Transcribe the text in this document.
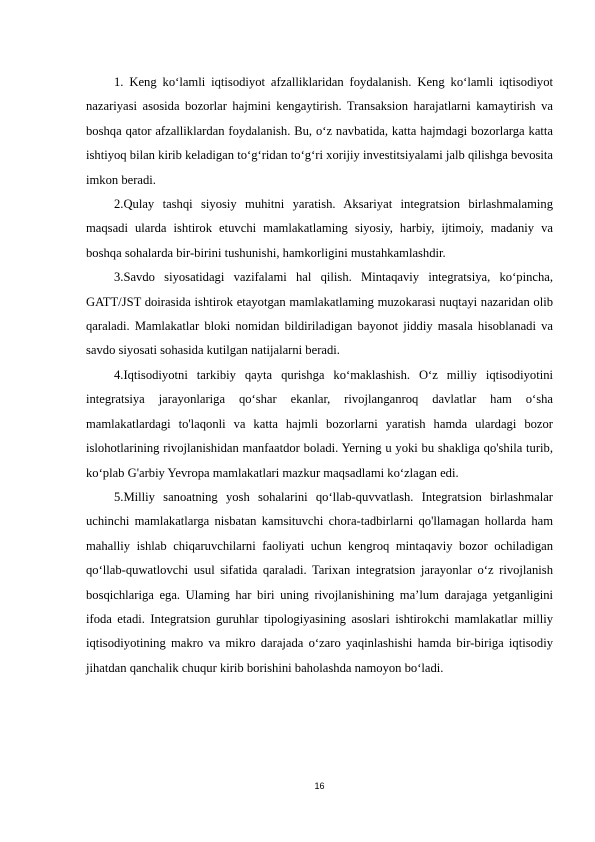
1. Keng ko‘lamli iqtisodiyot afzalliklaridan foydalanish. Keng ko‘lamli iqtisodiyot nazariyasi asosida bozorlar hajmini kengaytirish. Transaksion harajatlarni kamaytirish va boshqa qator afzalliklardan foydalanish. Bu, o‘z navbatida, katta hajmdagi bozorlarga katta ishtiyoq bilan kirib keladigan to‘g‘ridan to‘g‘ri xorijiy investitsiyalami jalb qilishga bevosita imkon beradi.

2.Qulay tashqi siyosiy muhitni yaratish. Aksariyat integratsion birlashmalaming maqsadi ularda ishtirok etuvchi mamlakatlaming siyosiy, harbiy, ijtimoiy, madaniy va boshqa sohalarda bir-birini tushunishi, hamkorligini mustahkamlashdir.

3.Savdo siyosatidagi vazifalami hal qilish. Mintaqaviy integratsiya, ko‘pincha, GATT/JST doirasida ishtirok etayotgan mamlakatlaming muzokarasi nuqtayi nazaridan olib qaraladi. Mamlakatlar bloki nomidan bildiriladigan bayonot jiddiy masala hisoblanadi va savdo siyosati sohasida kutilgan natijalarni beradi.

4.Iqtisodiyotni tarkibiy qayta qurishga ko‘maklashish. O‘z milliy iqtisodiyotini integratsiya jarayonlariga qo‘shar ekanlar, rivojlanganroq davlatlar ham o‘sha mamlakatlardagi to'laqonli va katta hajmli bozorlarni yaratish hamda ulardagi bozor islohotlarining rivojlanishidan manfaatdor boladi. Yerning u yoki bu shakliga qo'shila turib, ko‘plab G'arbiy Yevropa mamlakatlari mazkur maqsadlami ko‘zlagan edi.

5.Milliy sanoatning yosh sohalarini qo‘llab-quvvatlash. Integratsion birlashmalar uchinchi mamlakatlarga nisbatan kamsituvchi chora-tadbirlarni qo'llamagan hollarda ham mahalliy ishlab chiqaruvchilarni faoliyati uchun kengroq mintaqaviy bozor ochiladigan qo‘llab-quwatlovchi usul sifatida qaraladi. Tarixan integratsion jarayonlar o‘z rivojlanish bosqichlariga ega. Ulaming har biri uning rivojlanishining ma’lum darajaga yetganligini ifoda etadi. Integratsion guruhlar tipologiyasining asoslari ishtirokchi mamlakatlar milliy iqtisodiyotining makro va mikro darajada o‘zaro yaqinlashishi hamda bir-biriga iqtisodiy jihatdan qanchalik chuqur kirib borishini baholashda namoyon bo‘ladi.

16
